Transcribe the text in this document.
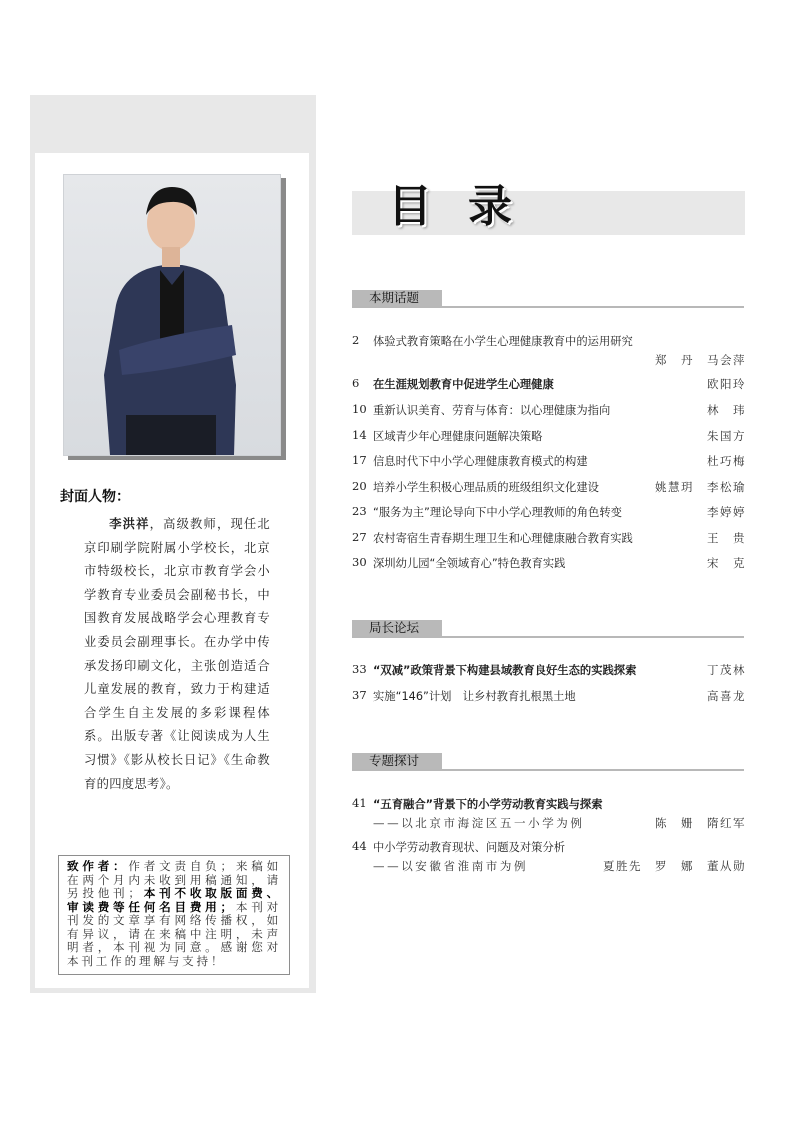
封面人物：
李洪祥，高级教师，现任北京印刷学院附属小学校长，北京市特级校长，北京市教育学会小学教育专业委员会副秘书长，中国教育发展战略学会心理教育专业委员会副理事长。在办学中传承发扬印刷文化，主张创造适合儿童发展的教育，致力于构建适合学生自主发展的多彩课程体系。出版专著《让阅读成为人生习惯》《影从校长日记》《生命教育的四度思考》。
致作者：作者文责自负；来稿如在两个月内未收到用稿通知，请另投他刊；本刊不收取版面费、审读费等任何名目费用；本刊对刊发的文章享有网络传播权，如有异议，请在来稿中注明，未声明者，本刊视为同意。感谢您对本刊工作的理解与支持！
目录
本期话题
2	体验式教育策略在小学生心理健康教育中的运用研究
郑　丹　马会萍
6	在生涯规划教育中促进学生心理健康	欧阳玲
10 重新认识美育、劳育与体育：以心理健康为指向	林　玮
14 区域青少年心理健康问题解决策略	朱国方
17 信息时代下中小学心理健康教育模式的构建	杜巧梅
20 培养小学生积极心理品质的班级组织文化建设	姚慧玥　李松瑜
23 “服务为主”理论导向下中小学心理教师的角色转变	李婷婷
27 农村寄宿生青春期生理卫生和心理健康融合教育实践	王　贵
30 深圳幼儿园“全领域育心”特色教育实践	宋　克
局长论坛
33 “双减”政策背景下构建县域教育良好生态的实践探索	丁茂林
37 实施“146”计划　让乡村教育扎根黑土地	高喜龙
专题探讨
41 “五育融合”背景下的小学劳动教育实践与探索
——以北京市海淀区五一小学为例	陈　姗　隋红军
44 中小学劳动教育现状、问题及对策分析
——以安徽省淮南市为例	夏胜先　罗　娜　董从勋
